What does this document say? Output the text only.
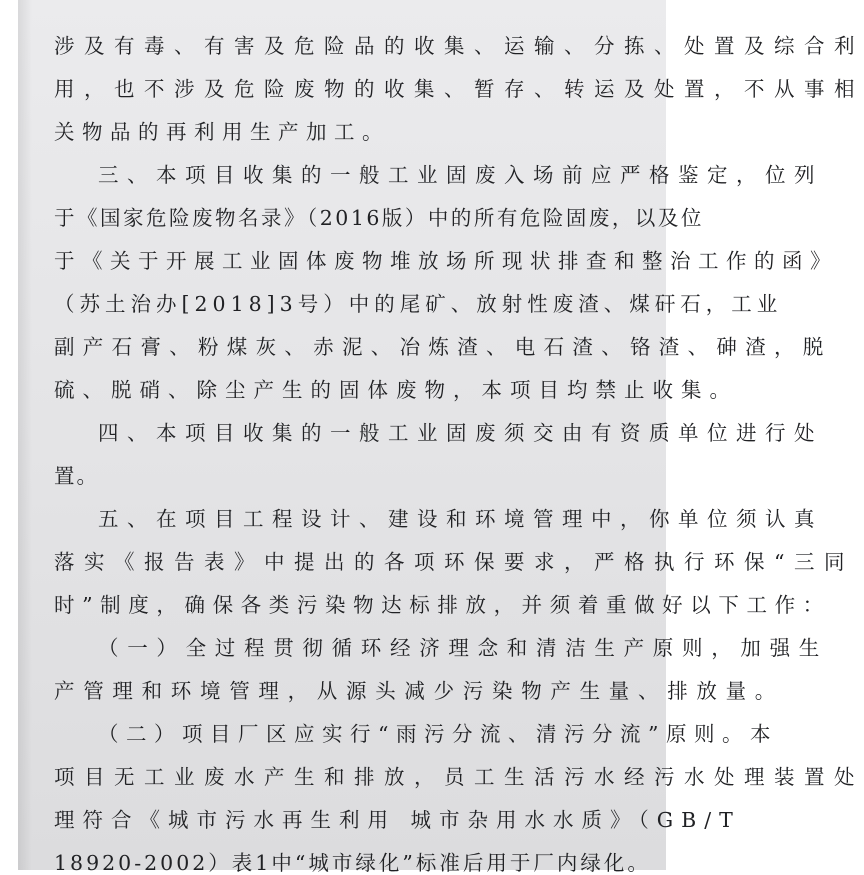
涉及有毒、有害及危险品的收集、运输、分拣、处置及综合利
用，也不涉及危险废物的收集、暂存、转运及处置，不从事相
关物品的再利用生产加工。
三、本项目收集的一般工业固废入场前应严格鉴定，位列
于《国家危险废物名录》（2016版）中的所有危险固废，以及位
于《关于开展工业固体废物堆放场所现状排查和整治工作的函》
（苏土治办[2018]3号）中的尾矿、放射性废渣、煤矸石，工业
副产石膏、粉煤灰、赤泥、冶炼渣、电石渣、铬渣、砷渣，脱
硫、脱硝、除尘产生的固体废物，本项目均禁止收集。
四、本项目收集的一般工业固废须交由有资质单位进行处
置。
五、在项目工程设计、建设和环境管理中，你单位须认真
落实《报告表》中提出的各项环保要求，严格执行环保“三同
时”制度，确保各类污染物达标排放，并须着重做好以下工作：
（一）全过程贯彻循环经济理念和清洁生产原则，加强生
产管理和环境管理，从源头减少污染物产生量、排放量。
（二）项目厂区应实行“雨污分流、清污分流”原则。本
项目无工业废水产生和排放，员工生活污水经污水处理装置处
理符合《城市污水再生利用 城市杂用水水质》（GB/T
18920-2002）表1中“城市绿化”标准后用于厂内绿化。
